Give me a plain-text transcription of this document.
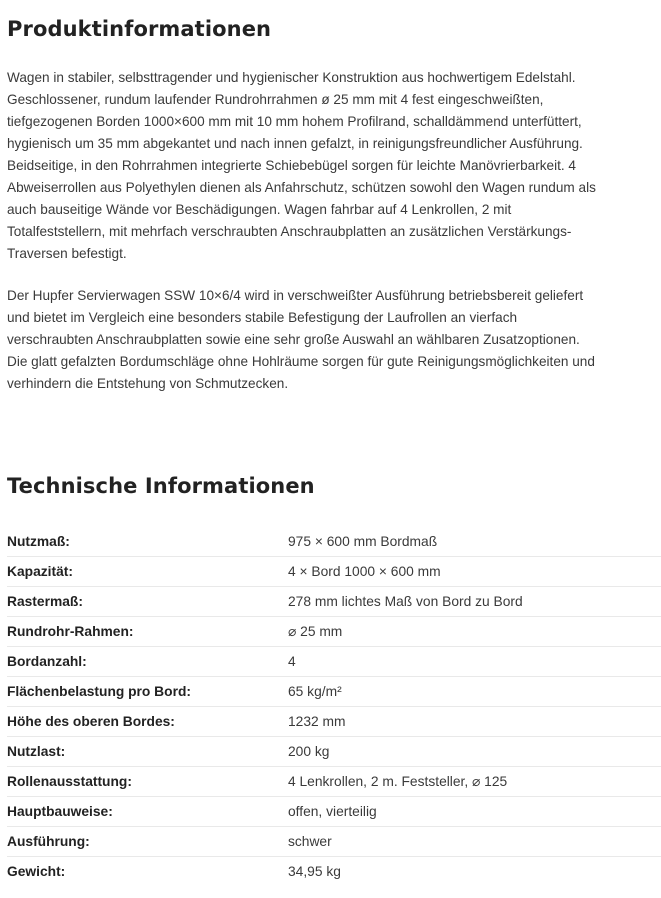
Produktinformationen

Wagen in stabiler, selbsttragender und hygienischer Konstruktion aus hochwertigem Edelstahl. Geschlossener, rundum laufender Rundrohrrahmen ø 25 mm mit 4 fest eingeschweißten, tiefgezogenen Borden 1000×600 mm mit 10 mm hohem Profilrand, schalldämmend unterfüttert, hygienisch um 35 mm abgekantet und nach innen gefalzt, in reinigungsfreundlicher Ausführung. Beidseitige, in den Rohrrahmen integrierte Schiebebügel sorgen für leichte Manövrierbarkeit. 4 Abweiserrollen aus Polyethylen dienen als Anfahrschutz, schützen sowohl den Wagen rundum als auch bauseitige Wände vor Beschädigungen. Wagen fahrbar auf 4 Lenkrollen, 2 mit Totalfeststellern, mit mehrfach verschraubten Anschraubplatten an zusätzlichen Verstärkungs-Traversen befestigt.

Der Hupfer Servierwagen SSW 10×6/4 wird in verschweißter Ausführung betriebsbereit geliefert und bietet im Vergleich eine besonders stabile Befestigung der Laufrollen an vierfach verschraubten Anschraubplatten sowie eine sehr große Auswahl an wählbaren Zusatzoptionen. Die glatt gefalzten Bordumschläge ohne Hohlräume sorgen für gute Reinigungsmöglichkeiten und verhindern die Entstehung von Schmutzecken.

Technische Informationen
Nutzmaß:	975 × 600 mm Bordmaß
Kapazität:	4 × Bord 1000 × 600 mm
Rastermaß:	278 mm lichtes Maß von Bord zu Bord
Rundrohr-Rahmen:	⌀ 25 mm
Bordanzahl:	4
Flächenbelastung pro Bord:	65 kg/m²
Höhe des oberen Bordes:	1232 mm
Nutzlast:	200 kg
Rollenausstattung:	4 Lenkrollen, 2 m. Feststeller, ⌀ 125
Hauptbauweise:	offen, vierteilig
Ausführung:	schwer
Gewicht:	34,95 kg
